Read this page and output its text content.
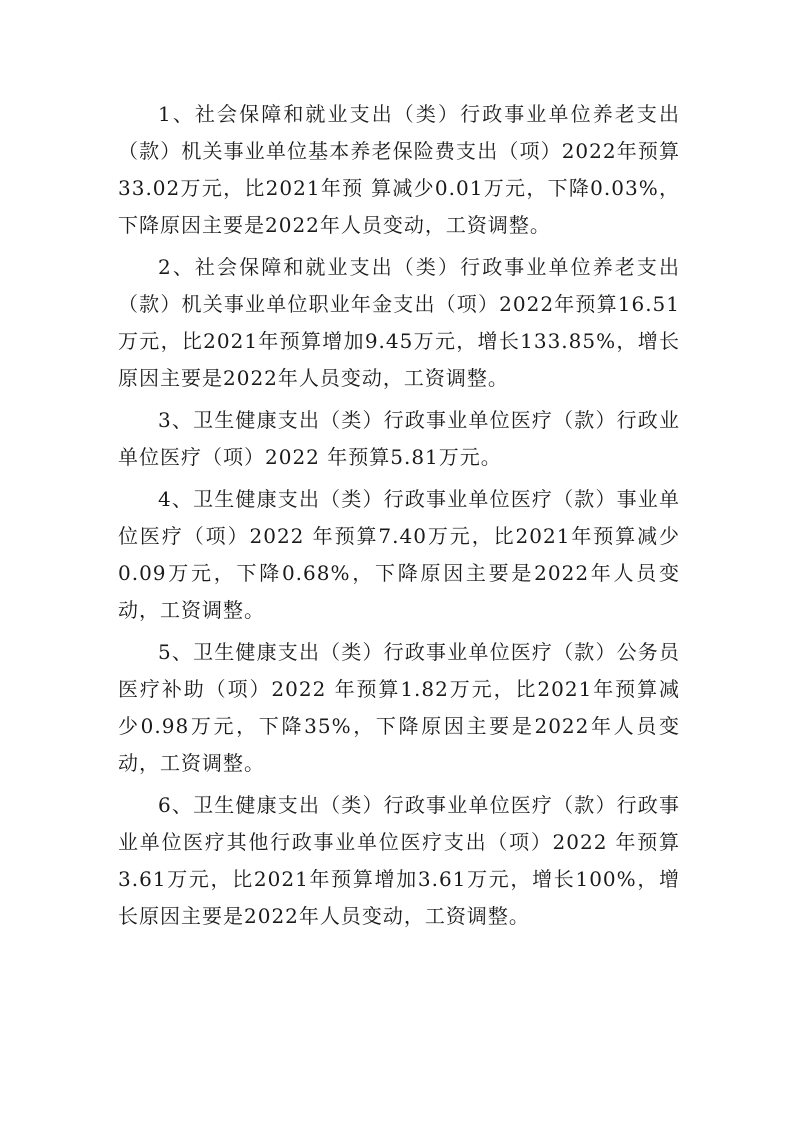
1、社会保障和就业支出（类）行政事业单位养老支出（款）机关事业单位基本养老保险费支出（项）2022年预算33.02万元，比2021年预 算减少0.01万元，下降0.03%，下降原因主要是2022年人员变动，工资调整。

2、社会保障和就业支出（类）行政事业单位养老支出（款）机关事业单位职业年金支出（项）2022年预算16.51万元，比2021年预算增加9.45万元，增长133.85%，增长原因主要是2022年人员变动，工资调整。

3、卫生健康支出（类）行政事业单位医疗（款）行政业单位医疗（项）2022 年预算5.81万元。

4、卫生健康支出（类）行政事业单位医疗（款）事业单位医疗（项）2022 年预算7.40万元，比2021年预算减少0.09万元，下降0.68%，下降原因主要是2022年人员变动，工资调整。

5、卫生健康支出（类）行政事业单位医疗（款）公务员医疗补助（项）2022 年预算1.82万元，比2021年预算减少0.98万元，下降35%，下降原因主要是2022年人员变动，工资调整。

6、卫生健康支出（类）行政事业单位医疗（款）行政事业单位医疗其他行政事业单位医疗支出（项）2022 年预算3.61万元，比2021年预算增加3.61万元，增长100%，增长原因主要是2022年人员变动，工资调整。
